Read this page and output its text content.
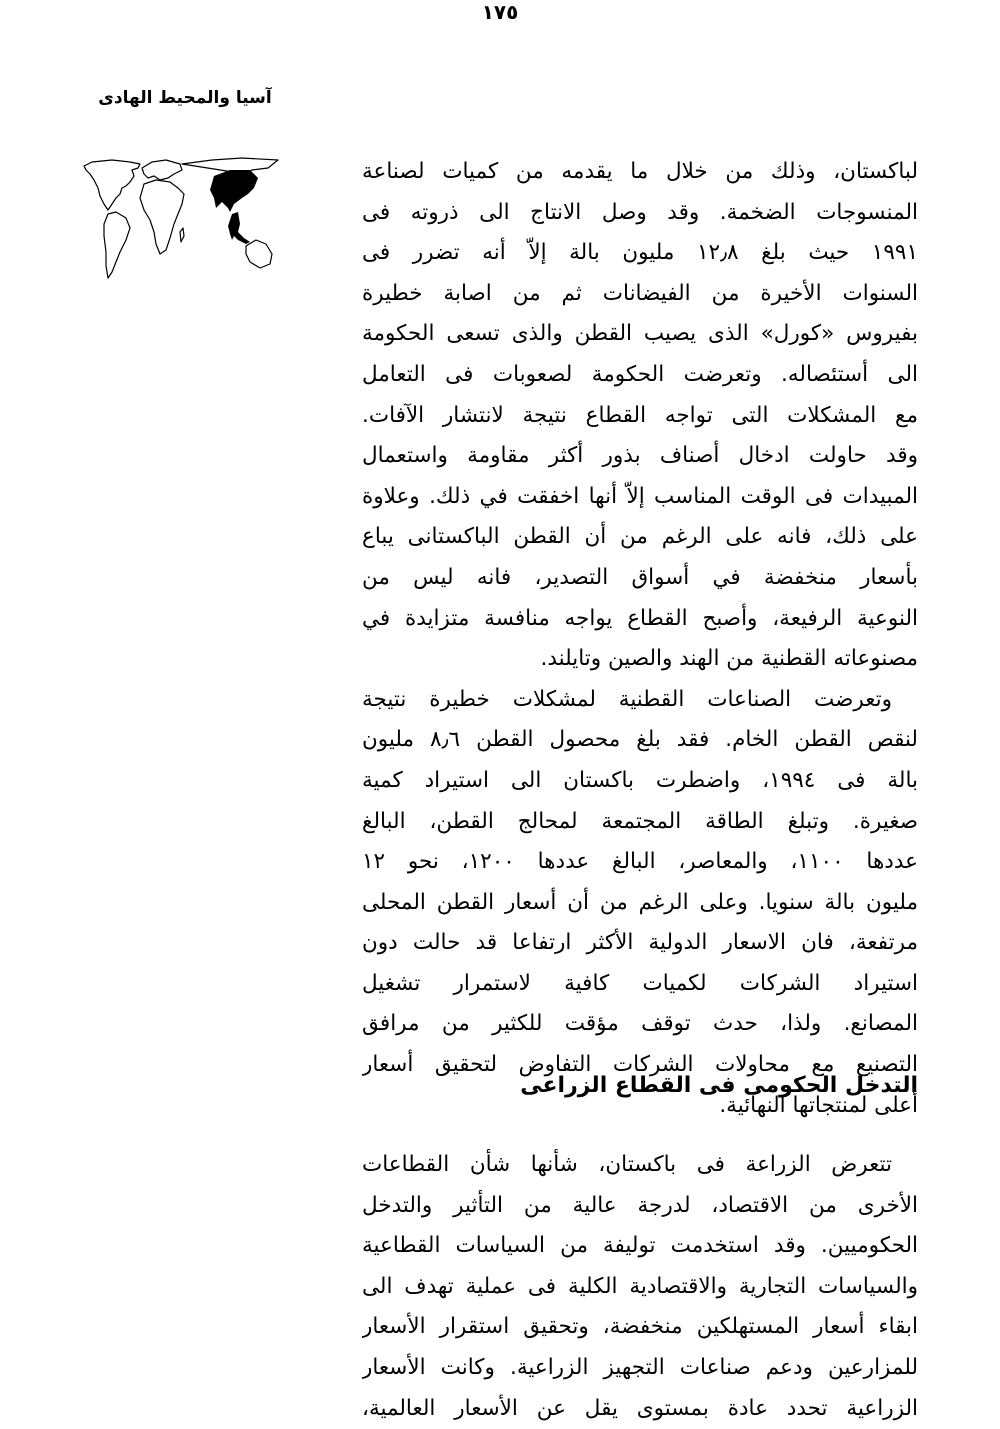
١٧٥
آسيا والمحيط الهادى
لباكستان، وذلك من خلال ما يقدمه من كميات لصناعة
المنسوجات الضخمة. وقد وصل الانتاج الى ذروته فى
١٩٩١ حيث بلغ ١٢٫٨ مليون بالة إلاّ أنه تضرر فى
السنوات الأخيرة من الفيضانات ثم من اصابة خطيرة
بفيروس «كورل» الذى يصيب القطن والذى تسعى الحكومة
الى أستئصاله. وتعرضت الحكومة لصعوبات فى التعامل
مع المشكلات التى تواجه القطاع نتيجة لانتشار الآفات.
وقد حاولت ادخال أصناف بذور أكثر مقاومة واستعمال
المبيدات فى الوقت المناسب إلاّ أنها اخفقت في ذلك. وعلاوة
على ذلك، فانه على الرغم من أن القطن الباكستانى يباع
بأسعار منخفضة في أسواق التصدير، فانه ليس من
النوعية الرفيعة، وأصبح القطاع يواجه منافسة متزايدة في
مصنوعاته القطنية من الهند والصين وتايلند.
وتعرضت الصناعات القطنية لمشكلات خطيرة نتيجة
لنقص القطن الخام. فقد بلغ محصول القطن ٨٫٦ مليون
بالة فى ١٩٩٤، واضطرت باكستان الى استيراد كمية
صغيرة. وتبلغ الطاقة المجتمعة لمحالج القطن، البالغ
عددها ١١٠٠، والمعاصر، البالغ عددها ١٢٠٠، نحو ١٢
مليون بالة سنويا. وعلى الرغم من أن أسعار القطن المحلى
مرتفعة، فان الاسعار الدولية الأكثر ارتفاعا قد حالت دون
استيراد الشركات لكميات كافية لاستمرار تشغيل
المصانع. ولذا، حدث توقف مؤقت للكثير من مرافق
التصنيع مع محاولات الشركات التفاوض لتحقيق أسعار
أعلى لمنتجاتها النهائية.
التدخل الحكومى فى القطاع الزراعى
تتعرض الزراعة فى باكستان، شأنها شأن القطاعات
الأخرى من الاقتصاد، لدرجة عالية من التأثير والتدخل
الحكوميين. وقد استخدمت توليفة من السياسات القطاعية
والسياسات التجارية والاقتصادية الكلية فى عملية تهدف الى
ابقاء أسعار المستهلكين منخفضة، وتحقيق استقرار الأسعار
للمزارعين ودعم صناعات التجهيز الزراعية. وكانت الأسعار
الزراعية تحدد عادة بمستوى يقل عن الأسعار العالمية،
